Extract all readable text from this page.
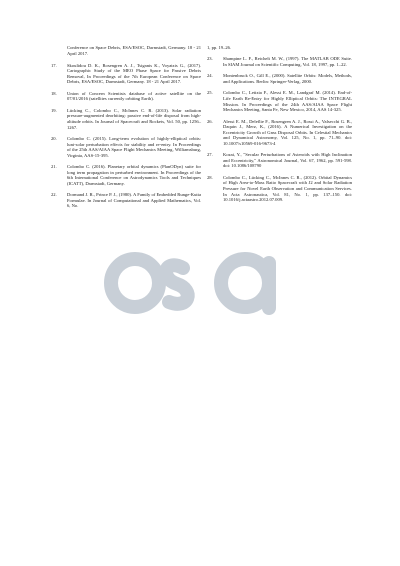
Conference on Space Debris, ESA/ESOC, Darmstadt, Germany. 18 - 21 April 2017.
17.	Skoulidou D. K., Rosengren A. J., Tsiganis K., Voyatzis G., (2017). Cartographic Study of the MEO Phase Space for Passive Debris Removal, In Proceedings of the 7th European Conference on Space Debris, ESA/ESOC, Darmstadt, Germany. 18 - 21 April 2017.
18.	Union of Concern Scientists database of active satellite on the 07/01/2016 (satellites currently orbiting Earth).
19.	Lücking C., Colombo C., McInnes C. R. (2013). Solar radiation pressure-augmented deorbiting: passive end-of-life disposal from high-altitude orbits. In Journal of Spacecraft and Rockets, Vol. 50, pp. 1256–1267.
20.	Colombo C. (2015). Long-term evolution of highly-elliptical orbits: luni-solar perturbation effects for stability and re-entry. In Proceedings of the 25th AAS/AIAA Space Flight Mechanics Meeting, Williamsburg, Virginia, AAS-15-395.
21.	Colombo C. (2016). Planetary orbital dynamics (PlanODyn) suite for long term propagation in perturbed environment. In Proceedings of the 6th International Conference on Astrodynamics Tools and Techniques (ICATT), Darmstadt, Germany.
22.	Dormand J. R., Prince P. J., (1980). A Family of Embedded Runge-Kutta Formulae. In Journal of Computational and Applied Mathematics, Vol. 6, No.
1, pp. 19–26.
23.	Shampine L. F., Reichelt M. W., (1997). The MATLAB ODE Suite. In SIAM Journal on Scientific Computing, Vol. 18, 1997, pp. 1–22.
24.	Montenbruck O., Gill E., (2000). Satellite Orbits: Models, Methods, and Applications. Berlin: Springer-Verlag, 2000.
25.	Colombo C., Letizia F., Alessi E. M., Landgraf M. (2014). End-of-Life Earth Re-Entry for Highly Elliptical Orbits: The INTEGRAL Mission. In Proceedings of the 24th AAS/AIAA Space Flight Mechanics Meeting, Santa Fe, New Mexico, 2014, AAS 14-325.
26.	Alessi E. M., Deleflie F., Rosengren A. J., Rossi A., Valsecchi G. B., Daquin J., Merz, K., (2016). A Numerical Investigation on the Eccentricity Growth of Gnss Disposal Orbits. In Celestial Mechanics and Dynamical Astronomy, Vol. 125, No. 1, pp. 71–90. doi: 10.1007/s10569-016-9673-4
27.	Kozai, Y., "Secular Perturbations of Asteroids with High Inclination and Eccentricity," Astronomical Journal, Vol. 67, 1962, pp. 591-598. doi: 10.1086/108790
28.	Colombo C., Lücking C., McInnes C. R., (2012). Orbital Dynamics of High Area-to-Mass Ratio Spacecraft with J2 and Solar Radiation Pressure for Novel Earth Observation and Communication Services. In Acta Astronautica, Vol. 81, No. 1, pp. 137–150. doi: 10.1016/j.actaastro.2012.07.009.
